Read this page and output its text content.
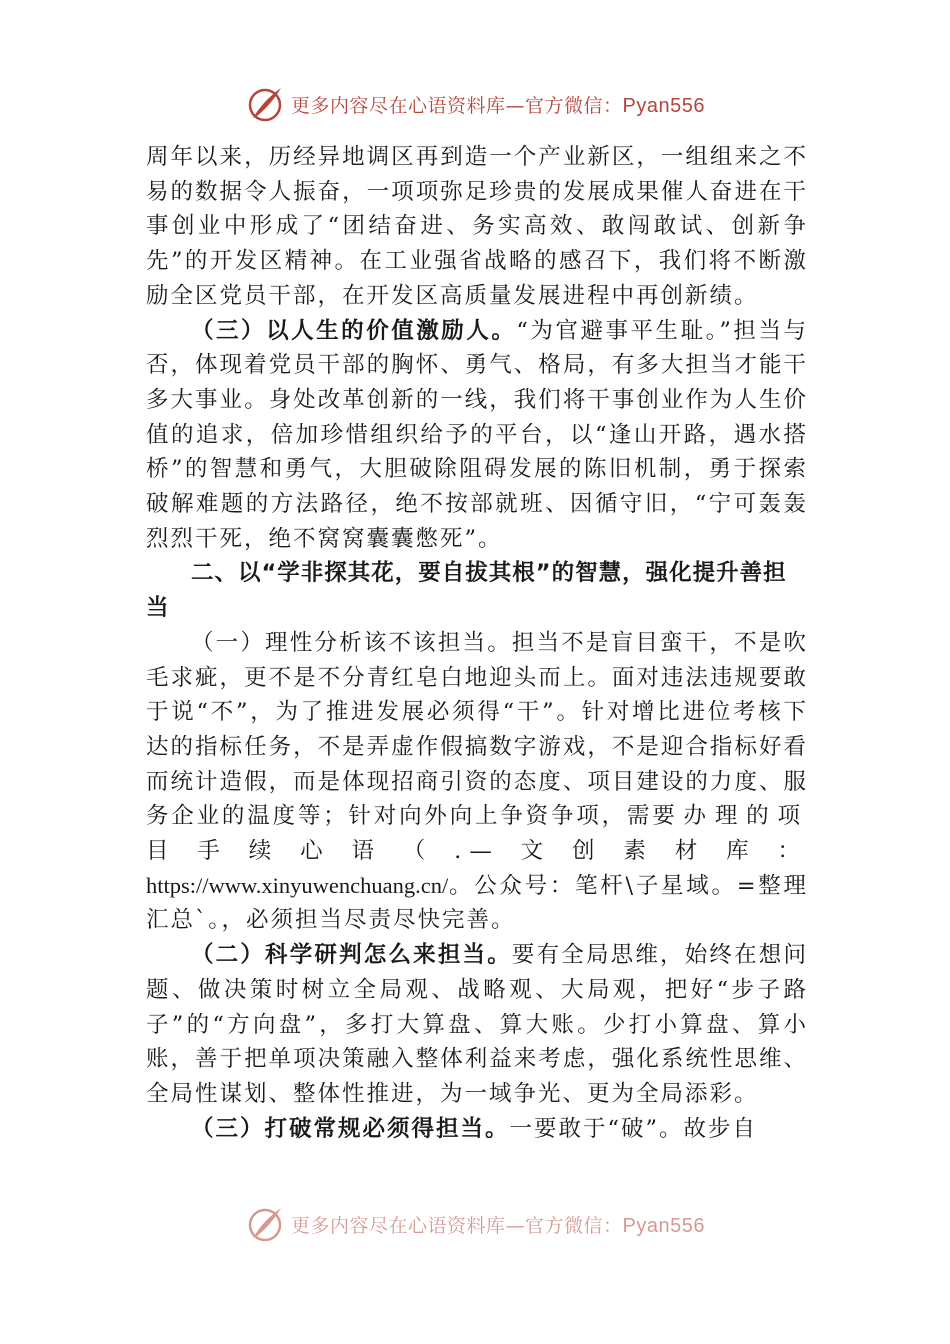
更多内容尽在心语资料库—官方微信：Pyan556

周年以来，历经异地调区再到造一个产业新区，一组组来之不易的数据令人振奋，一项项弥足珍贵的发展成果催人奋进在干事创业中形成了“团结奋进、务实高效、敢闯敢试、创新争先”的开发区精神。在工业强省战略的感召下，我们将不断激励全区党员干部，在开发区高质量发展进程中再创新绩。

（三）以人生的价值激励人。“为官避事平生耻。”担当与否，体现着党员干部的胸怀、勇气、格局，有多大担当才能干多大事业。身处改革创新的一线，我们将干事创业作为人生价值的追求，倍加珍惜组织给予的平台，以“逢山开路，遇水搭桥”的智慧和勇气，大胆破除阻碍发展的陈旧机制，勇于探索破解难题的方法路径，绝不按部就班、因循守旧，“宁可轰轰烈烈干死，绝不窝窝囊囊憋死”。

二、以“学非探其花，要自拔其根”的智慧，强化提升善担当

（一）理性分析该不该担当。担当不是盲目蛮干，不是吹毛求疵，更不是不分青红皂白地迎头而上。面对违法违规要敢于说“不”，为了推进发展必须得“干”。针对增比进位考核下达的指标任务，不是弄虚作假搞数字游戏，不是迎合指标好看而统计造假，而是体现招商引资的态度、项目建设的力度、服务企业的温度等；针对向外向上争资争项，需要办理的项目手续心语（.—文创素材库：https://www.xinyuwenchuang.cn/。公众号：笔杆\子星域。=整理汇总`。，必须担当尽责尽快完善。

（二）科学研判怎么来担当。要有全局思维，始终在想问题、做决策时树立全局观、战略观、大局观，把好“步子路子”的“方向盘”，多打大算盘、算大账。少打小算盘、算小账，善于把单项决策融入整体利益来考虑，强化系统性思维、全局性谋划、整体性推进，为一域争光、更为全局添彩。

（三）打破常规必须得担当。一要敢于“破”。故步自

更多内容尽在心语资料库—官方微信：Pyan556
